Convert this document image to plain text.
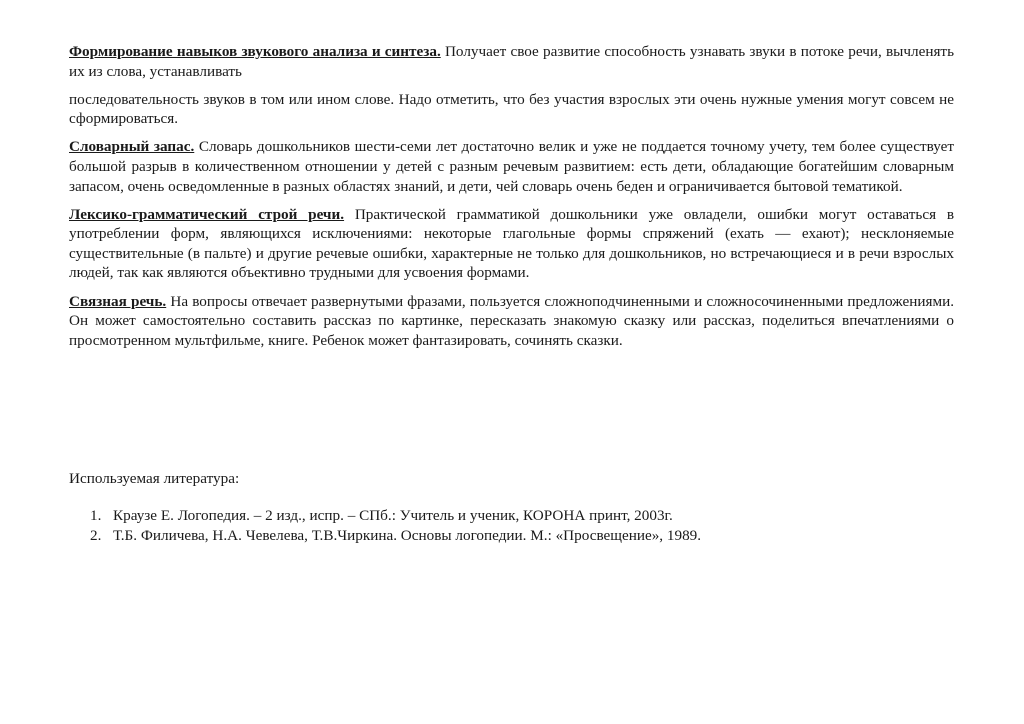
Формирование навыков звукового анализа и синтеза. Получает свое развитие способность узнавать звуки в потоке речи, вычленять их из слова, устанавливать

последовательность звуков в том или ином слове. Надо отметить, что без участия взрослых эти очень нужные умения могут совсем не сформироваться.

Словарный запас. Словарь дошкольников шести-семи лет достаточно велик и уже не поддается точному учету, тем более существует большой разрыв в количественном отношении у детей с разным речевым развитием: есть дети, обладающие богатейшим словарным запасом, очень осведомленные в разных областях знаний, и дети, чей словарь очень беден и ограничивается бытовой тематикой.

Лексико-грамматический строй речи. Практической грамматикой дошкольники уже овладели, ошибки могут оставаться в употреблении форм, являющихся исключениями: некоторые глагольные формы спряжений (ехать — ехают); несклоняемые существительные (в пальте) и другие речевые ошибки, характерные не только для дошкольников, но встречающиеся и в речи взрослых людей, так как являются объективно трудными для усвоения формами.

Связная речь. На вопросы отвечает развернутыми фразами, пользуется сложноподчиненными и сложносочиненными предложениями. Он может самостоятельно составить рассказ по картинке, пересказать знакомую сказку или рассказ, поделиться впечатлениями о просмотренном мультфильме, книге. Ребенок может фантазировать, сочинять сказки.

Используемая литература:
1. Краузе Е. Логопедия. – 2 изд., испр. – СПб.: Учитель и ученик, КОРОНА принт, 2003г.
2. Т.Б. Филичева, Н.А. Чевелева, Т.В.Чиркина. Основы логопедии. М.: «Просвещение», 1989.
